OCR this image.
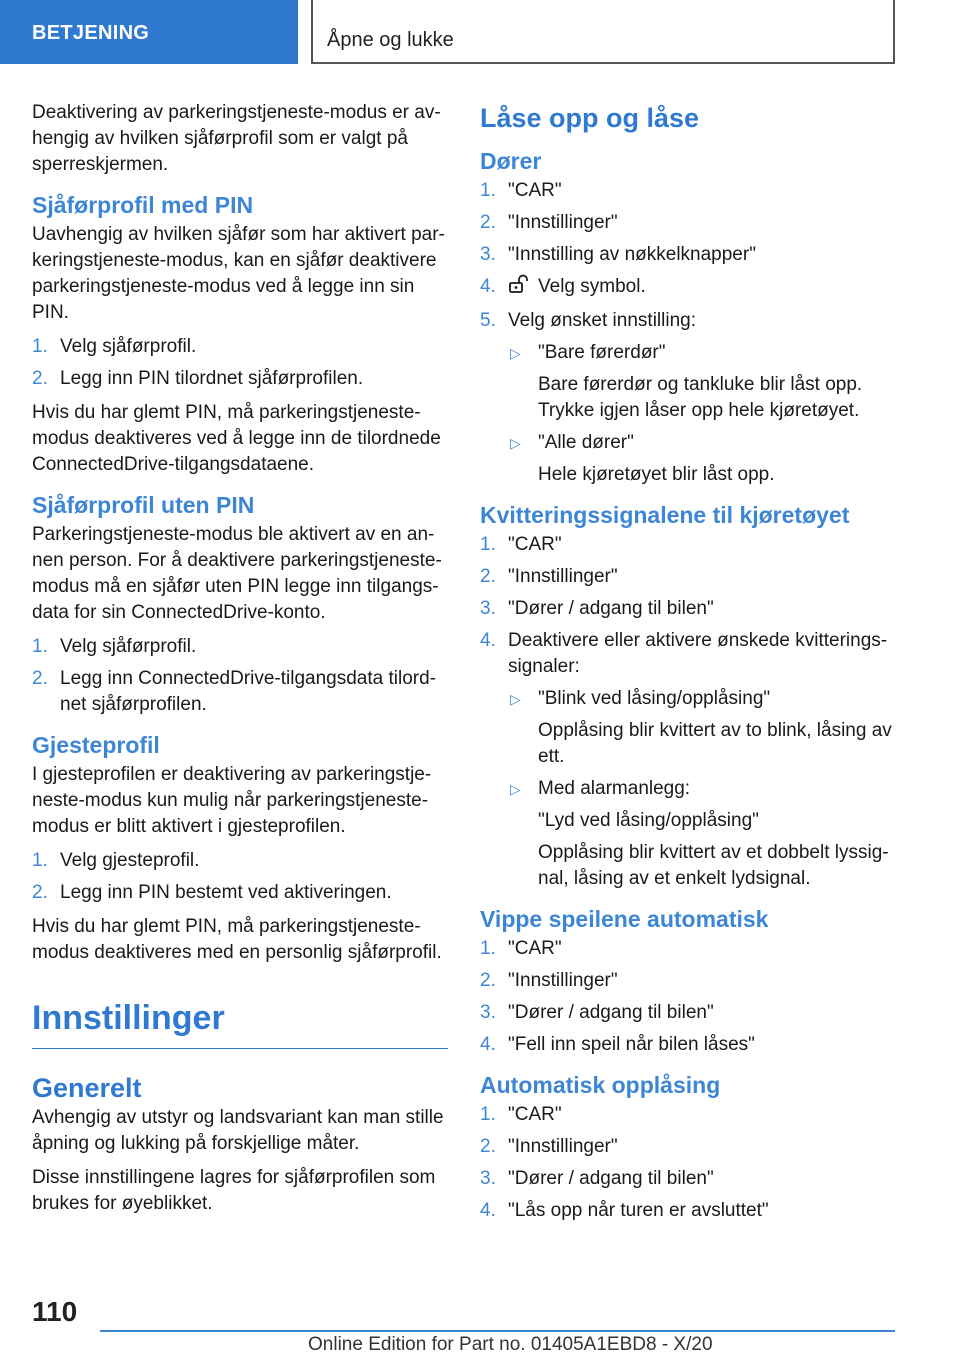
BETJENING	Åpne og lukke

Deaktivering av parkeringstjeneste-modus er av-hengig av hvilken sjåførprofil som er valgt på sperreskjermen.

Sjåførprofil med PIN

Uavhengig av hvilken sjåfør som har aktivert par-keringstjeneste-modus, kan en sjåfør deaktivere parkeringstjeneste-modus ved å legge inn sin PIN.

1. Velg sjåførprofil.
2. Legg inn PIN tilordnet sjåførprofilen.

Hvis du har glemt PIN, må parkeringstjeneste-modus deaktiveres ved å legge inn de tilordnede ConnectedDrive-tilgangsdataene.

Sjåførprofil uten PIN

Parkeringstjeneste-modus ble aktivert av en an-nen person. For å deaktivere parkeringstjeneste-modus må en sjåfør uten PIN legge inn tilgangs-data for sin ConnectedDrive-konto.

1. Velg sjåførprofil.
2. Legg inn ConnectedDrive-tilgangsdata tilord-net sjåførprofilen.
Gjesteprofil

I gjesteprofilen er deaktivering av parkeringstje-neste-modus kun mulig når parkeringstjeneste-modus er blitt aktivert i gjesteprofilen.

1. Velg gjesteprofil.
2. Legg inn PIN bestemt ved aktiveringen.

Hvis du har glemt PIN, må parkeringstjeneste-modus deaktiveres med en personlig sjåførprofil.

Innstillinger
Generelt

Avhengig av utstyr og landsvariant kan man stille åpning og lukking på forskjellige måter.

Disse innstillingene lagres for sjåførprofilen som brukes for øyeblikket.

Låse opp og låse
Dører
1. "CAR"
2. "Innstillinger"
3. "Innstilling av nøkkelknapper"
4. Velg symbol.
5. Velg ønsket innstilling:
▷ "Bare førerdør"
Bare førerdør og tankluke blir låst opp. Trykke igjen låser opp hele kjøretøyet.
▷ "Alle dører"
Hele kjøretøyet blir låst opp.
Kvitteringssignalene til kjøretøyet
1. "CAR"
2. "Innstillinger"
3. "Dører / adgang til bilen"
4. Deaktivere eller aktivere ønskede kvitterings-signaler:
▷ "Blink ved låsing/opplåsing"
Opplåsing blir kvittert av to blink, låsing av ett.
▷ Med alarmanlegg:
"Lyd ved låsing/opplåsing"
Opplåsing blir kvittert av et dobbelt lyssig-nal, låsing av et enkelt lydsignal.
Vippe speilene automatisk
1. "CAR"
2. "Innstillinger"
3. "Dører / adgang til bilen"
4. "Fell inn speil når bilen låses"
Automatisk opplåsing
1. "CAR"
2. "Innstillinger"
3. "Dører / adgang til bilen"
4. "Lås opp når turen er avsluttet"
110
Online Edition for Part no. 01405A1EBD8 - X/20
